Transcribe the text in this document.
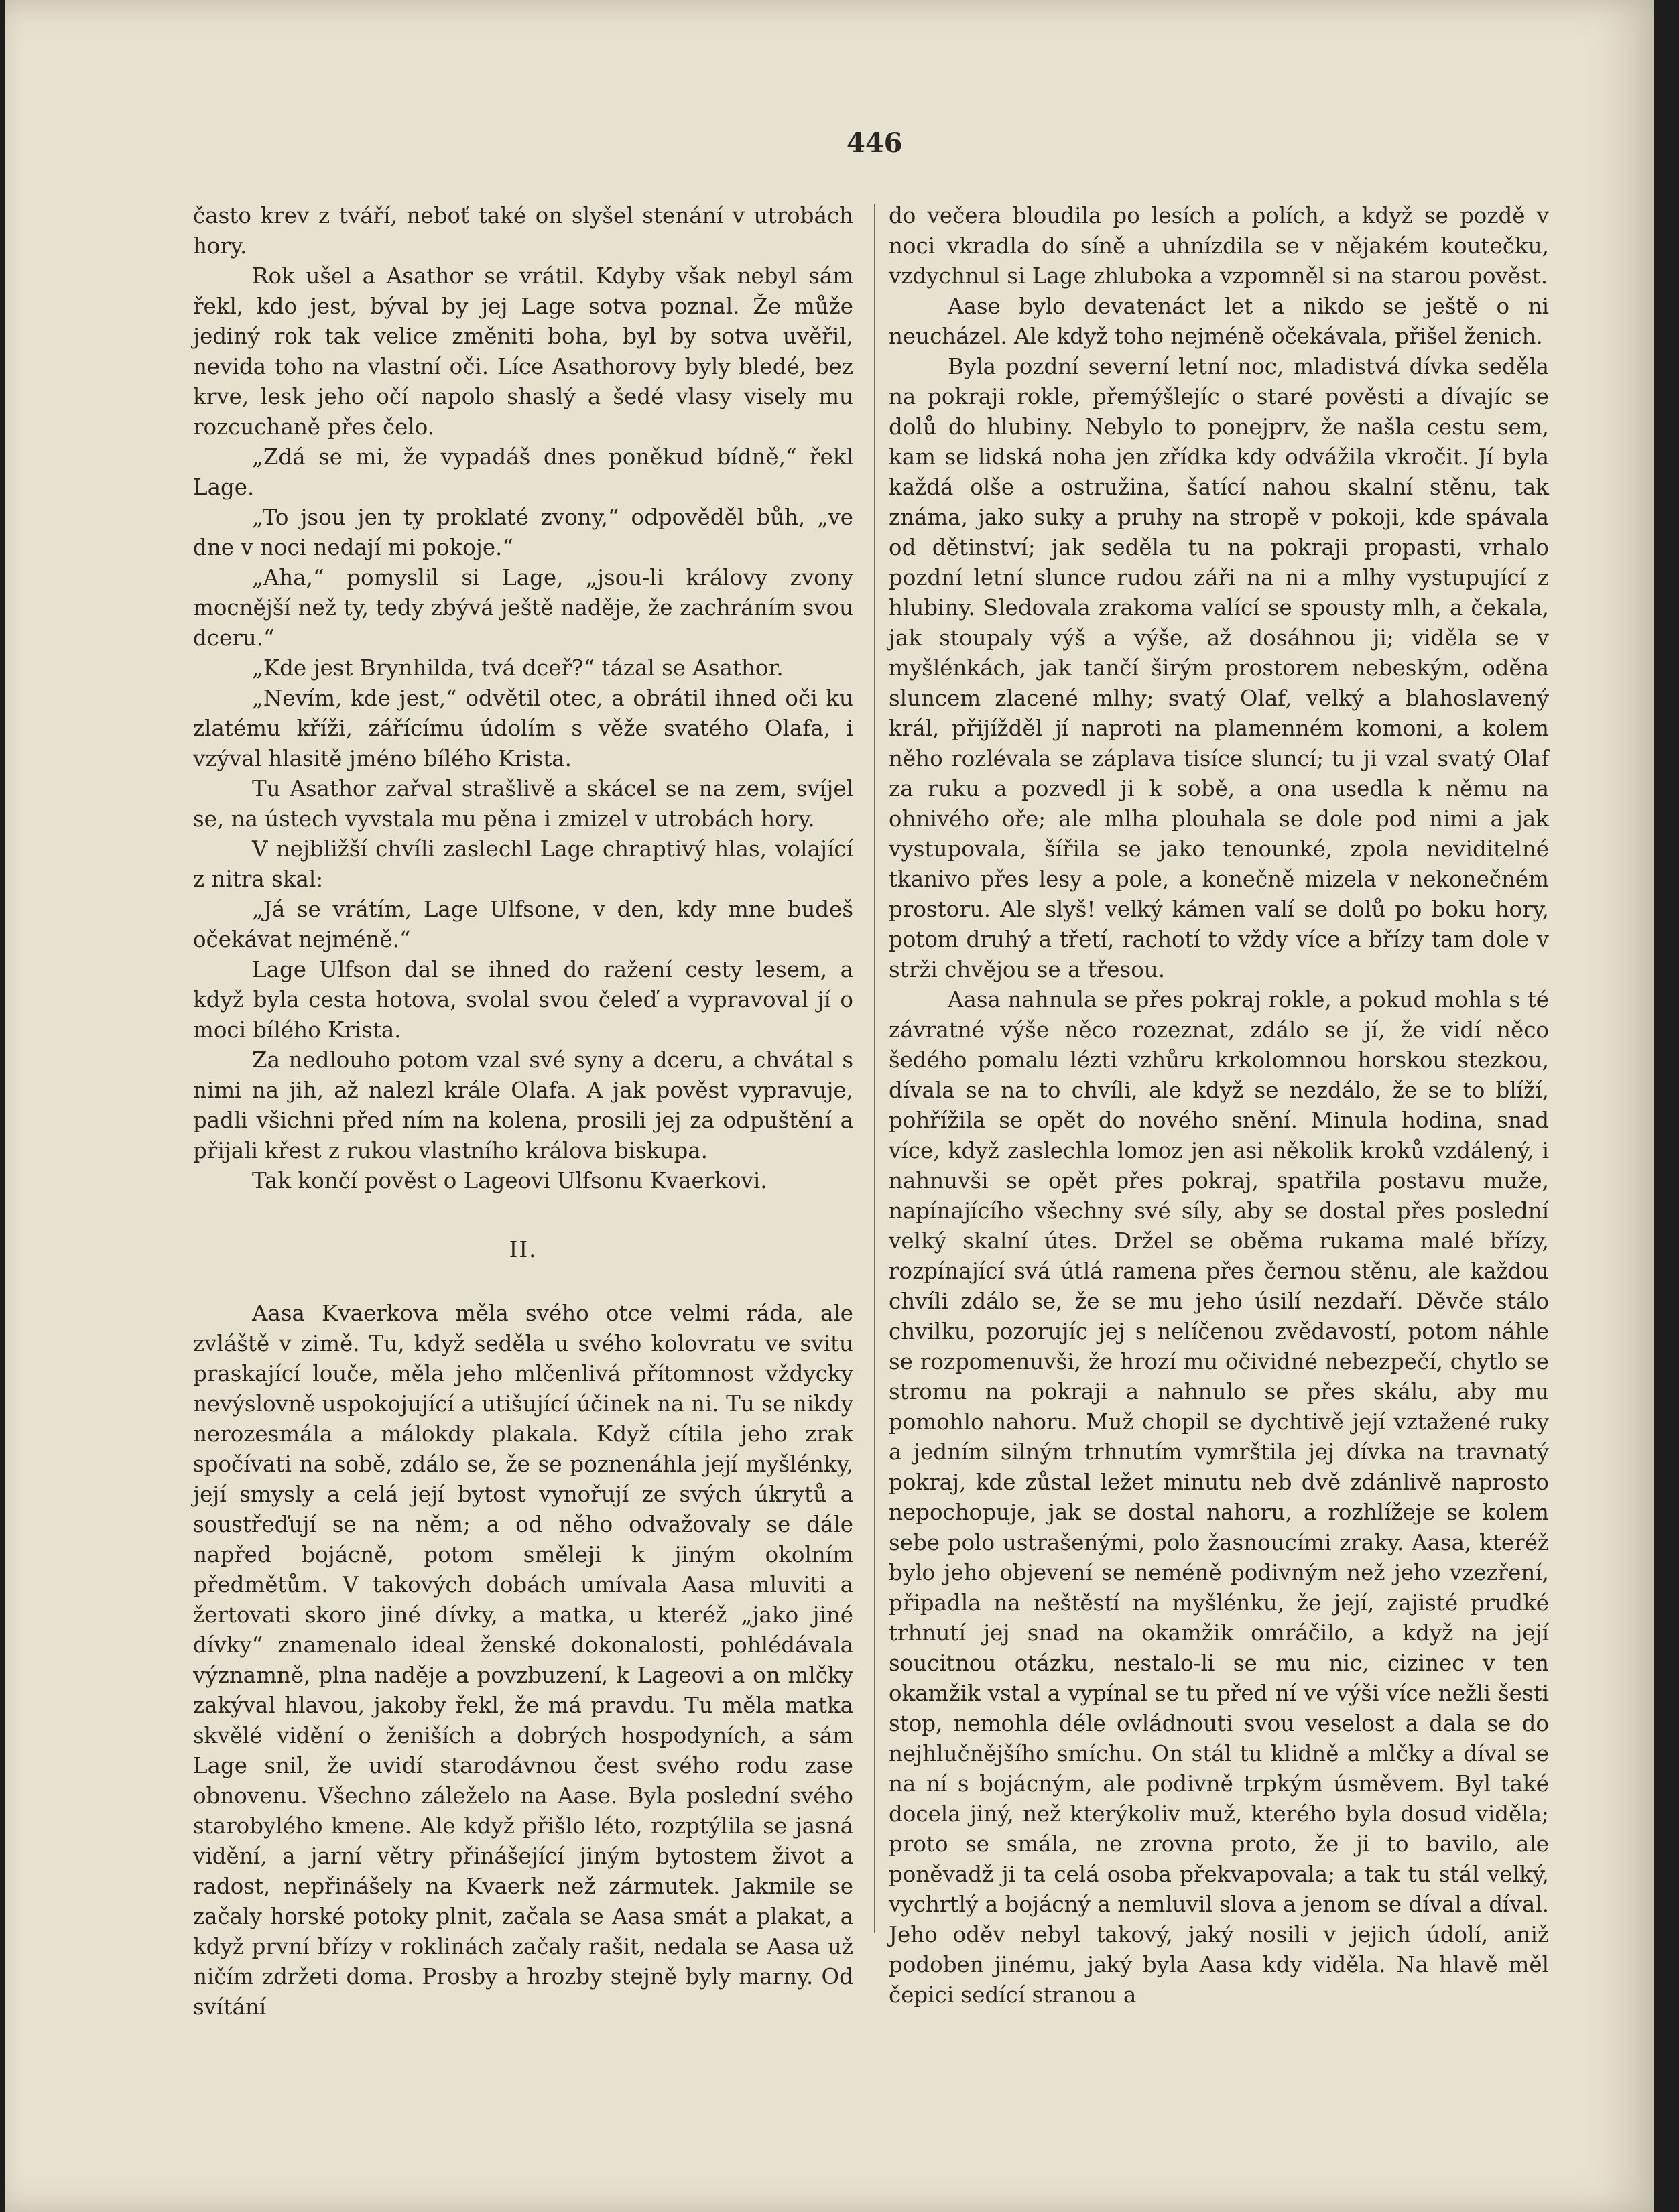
446

často krev z tváří, neboť také on slyšel stenání v utrobách hory.

Rok ušel a Asathor se vrátil. Kdyby však nebyl sám řekl, kdo jest, býval by jej Lage sotva poznal. Že může jediný rok tak velice změniti boha, byl by sotva uvěřil, nevida toho na vlastní oči. Líce Asathorovy byly bledé, bez krve, lesk jeho očí napolo shaslý a šedé vlasy visely mu rozcuchaně přes čelo.

„Zdá se mi, že vypadáš dnes poněkud bídně,“ řekl Lage.

„To jsou jen ty proklaté zvony,“ odpověděl bůh, „ve dne v noci nedají mi pokoje.“

„Aha,“ pomyslil si Lage, „jsou-li královy zvony mocnější než ty, tedy zbývá ještě naděje, že zachráním svou dceru.“

„Kde jest Brynhilda, tvá dceř?“ tázal se Asathor.

„Nevím, kde jest,“ odvětil otec, a obrátil ihned oči ku zlatému kříži, zářícímu údolím s věže svatého Olafa, i vzýval hlasitě jméno bílého Krista.

Tu Asathor zařval strašlivě a skácel se na zem, svíjel se, na ústech vyvstala mu pěna i zmizel v utrobách hory.

V nejbližší chvíli zaslechl Lage chraptivý hlas, volající z nitra skal:

„Já se vrátím, Lage Ulfsone, v den, kdy mne budeš očekávat nejméně.“

Lage Ulfson dal se ihned do ražení cesty lesem, a když byla cesta hotova, svolal svou čeleď a vypravoval jí o moci bílého Krista.

Za nedlouho potom vzal své syny a dceru, a chvátal s nimi na jih, až nalezl krále Olafa. A jak pověst vypravuje, padli všichni před ním na kolena, prosili jej za odpuštění a přijali křest z rukou vlastního králova biskupa.

Tak končí pověst o Lageovi Ulfsonu Kvaerkovi.

II.

Aasa Kvaerkova měla svého otce velmi ráda, ale zvláště v zimě. Tu, když seděla u svého kolovratu ve svitu praskající louče, měla jeho mlčenlivá přítomnost vždycky nevýslovně uspokojující a utišující účinek na ni. Tu se nikdy nerozesmála a málokdy plakala. Když cítila jeho zrak spočívati na sobě, zdálo se, že se poznenáhla její myšlénky, její smysly a celá její bytost vynořují ze svých úkrytů a soustřeďují se na něm; a od něho odvažovaly se dále napřed bojácně, potom směleji k jiným okolním předmětům. V takových dobách umívala Aasa mluviti a žertovati skoro jiné dívky, a matka, u kteréž „jako jiné dívky“ znamenalo ideal ženské dokonalosti, pohlédávala významně, plna naděje a povzbuzení, k Lageovi a on mlčky zakýval hlavou, jakoby řekl, že má pravdu. Tu měla matka skvělé vidění o ženiších a dobrých hospodyních, a sám Lage snil, že uvidí starodávnou čest svého rodu zase obnovenu. Všechno záleželo na Aase. Byla poslední svého starobylého kmene. Ale když přišlo léto, rozptýlila se jasná vidění, a jarní větry přinášející jiným bytostem život a radost, nepřinášely na Kvaerk než zármutek. Jakmile se začaly horské potoky plnit, začala se Aasa smát a plakat, a když první břízy v roklinách začaly rašit, nedala se Aasa už ničím zdržeti doma. Prosby a hrozby stejně byly marny. Od svítání

do večera bloudila po lesích a polích, a když se pozdě v noci vkradla do síně a uhnízdila se v nějakém koutečku, vzdychnul si Lage zhluboka a vzpomněl si na starou pověst.

Aase bylo devatenáct let a nikdo se ještě o ni neucházel. Ale když toho nejméně očekávala, přišel ženich.

Byla pozdní severní letní noc, mladistvá dívka seděla na pokraji rokle, přemýšlejíc o staré pověsti a dívajíc se dolů do hlubiny. Nebylo to ponejprv, že našla cestu sem, kam se lidská noha jen zřídka kdy odvážila vkročit. Jí byla každá olše a ostružina, šatící nahou skalní stěnu, tak známa, jako suky a pruhy na stropě v pokoji, kde spávala od dětinství; jak seděla tu na pokraji propasti, vrhalo pozdní letní slunce rudou záři na ni a mlhy vystupující z hlubiny. Sledovala zrakoma valící se spousty mlh, a čekala, jak stoupaly výš a výše, až dosáhnou ji; viděla se v myšlénkách, jak tančí širým prostorem nebeským, oděna sluncem zlacené mlhy; svatý Olaf, velký a blahoslavený král, přijížděl jí naproti na plamenném komoni, a kolem něho rozlévala se záplava tisíce sluncí; tu ji vzal svatý Olaf za ruku a pozvedl ji k sobě, a ona usedla k němu na ohnivého oře; ale mlha plouhala se dole pod nimi a jak vystupovala, šířila se jako tenounké, zpola neviditelné tkanivo přes lesy a pole, a konečně mizela v nekonečném prostoru. Ale slyš! velký kámen valí se dolů po boku hory, potom druhý a třetí, rachotí to vždy více a břízy tam dole v strži chvějou se a třesou.

Aasa nahnula se přes pokraj rokle, a pokud mohla s té závratné výše něco rozeznat, zdálo se jí, že vidí něco šedého pomalu lézti vzhůru krkolomnou horskou stezkou, dívala se na to chvíli, ale když se nezdálo, že se to blíží, pohřížila se opět do nového snění. Minula hodina, snad více, když zaslechla lomoz jen asi několik kroků vzdálený, i nahnuvši se opět přes pokraj, spatřila postavu muže, napínajícího všechny své síly, aby se dostal přes poslední velký skalní útes. Držel se oběma rukama malé břízy, rozpínající svá útlá ramena přes černou stěnu, ale každou chvíli zdálo se, že se mu jeho úsilí nezdaří. Děvče stálo chvilku, pozorujíc jej s nelíčenou zvědavostí, potom náhle se rozpomenuvši, že hrozí mu očividné nebezpečí, chytlo se stromu na pokraji a nahnulo se přes skálu, aby mu pomohlo nahoru. Muž chopil se dychtivě její vztažené ruky a jedním silným trhnutím vymrštila jej dívka na travnatý pokraj, kde zůstal ležet minutu neb dvě zdánlivě naprosto nepochopuje, jak se dostal nahoru, a rozhlížeje se kolem sebe polo ustrašenými, polo žasnoucími zraky. Aasa, kteréž bylo jeho objevení se neméně podivným než jeho vzezření, připadla na neštěstí na myšlénku, že její, zajisté prudké trhnutí jej snad na okamžik omráčilo, a když na její soucitnou otázku, nestalo-li se mu nic, cizinec v ten okamžik vstal a vypínal se tu před ní ve výši více nežli šesti stop, nemohla déle ovládnouti svou veselost a dala se do nejhlučnějšího smíchu. On stál tu klidně a mlčky a díval se na ní s bojácným, ale podivně trpkým úsměvem. Byl také docela jiný, než kterýkoliv muž, kterého byla dosud viděla; proto se smála, ne zrovna proto, že ji to bavilo, ale poněvadž ji ta celá osoba překvapovala; a tak tu stál velký, vychrtlý a bojácný a nemluvil slova a jenom se díval a díval. Jeho oděv nebyl takový, jaký nosili v jejich údolí, aniž podoben jinému, jaký byla Aasa kdy viděla. Na hlavě měl čepici sedící stranou a
